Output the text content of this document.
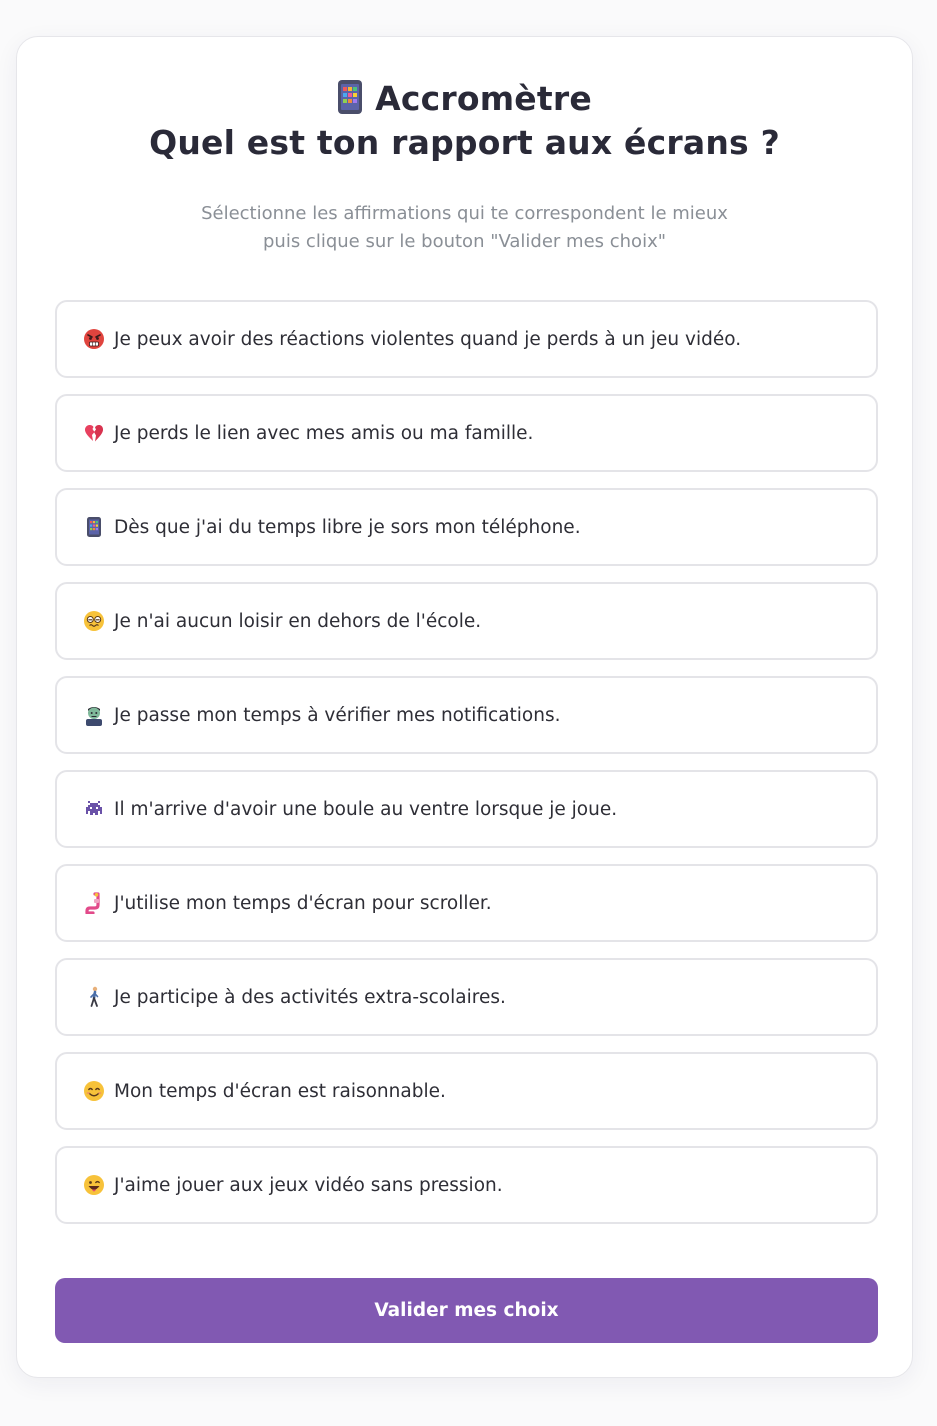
Accromètre
Quel est ton rapport aux écrans ?
Sélectionne les affirmations qui te correspondent le mieux
puis clique sur le bouton "Valider mes choix"
Je peux avoir des réactions violentes quand je perds à un jeu vidéo.
Je perds le lien avec mes amis ou ma famille.
Dès que j'ai du temps libre je sors mon téléphone.
Je n'ai aucun loisir en dehors de l'école.
Je passe mon temps à vérifier mes notifications.
Il m'arrive d'avoir une boule au ventre lorsque je joue.
J'utilise mon temps d'écran pour scroller.
Je participe à des activités extra-scolaires.
Mon temps d'écran est raisonnable.
J'aime jouer aux jeux vidéo sans pression.
Valider mes choix
